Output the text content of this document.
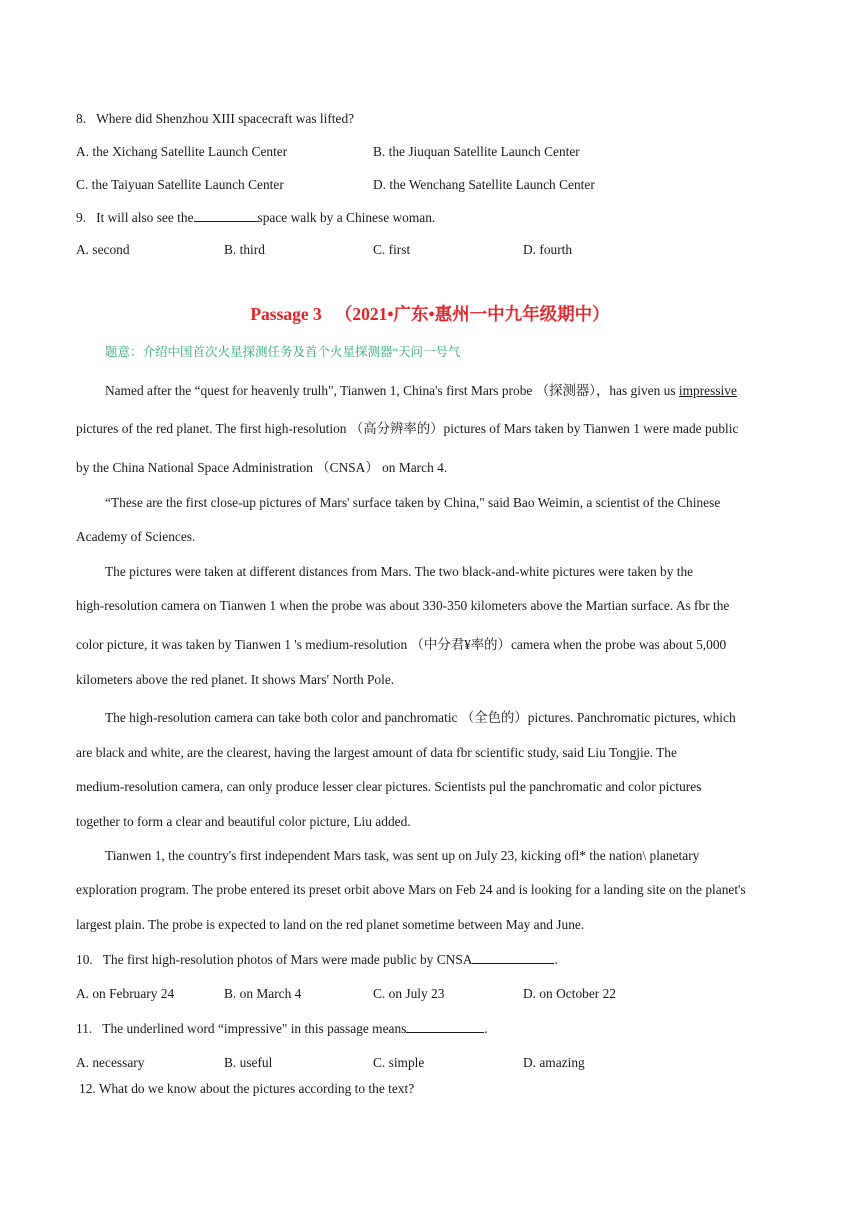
8.   Where did Shenzhou XIII spacecraft was lifted?
A. the Xichang Satellite Launch Center	B. the Jiuquan Satellite Launch Center
C. the Taiyuan Satellite Launch Center	D. the Wenchang Satellite Launch Center
9.   It will also see the	space walk by a Chinese woman.
A. second	B. third	C. first	D. fourth
Passage 3   （2021•广东•惠州一中九年级期中）
题意：介绍中国首次火星探测任务及首个火星探测器“天问一号气
Named after the “quest for heavenly trulh", Tianwen 1, China's first Mars probe （探测器），has given us impressive
pictures of the red planet. The first high-resolution （高分辨率的）pictures of Mars taken by Tianwen 1 were made public
by the China National Space Administration （CNSA） on March 4.
“These are the first close-up pictures of Mars' surface taken by China," said Bao Weimin, a scientist of the Chinese
Academy of Sciences.
The pictures were taken at different distances from Mars. The two black-and-white pictures were taken by the
high-resolution camera on Tianwen 1 when the probe was about 330-350 kilometers above the Martian surface. As fbr the
color picture, it was taken by Tianwen 1 's medium-resolution （中分君¥率的）camera when the probe was about 5,000
kilometers above the red planet. It shows Mars' North Pole.
The high-resolution camera can take both color and panchromatic （全色的）pictures. Panchromatic pictures, which
are black and white, are the clearest, having the largest amount of data fbr scientific study, said Liu Tongjie. The
medium-resolution camera, can only produce lesser clear pictures. Scientists pul the panchromatic and color pictures
together to form a clear and beautiful color picture, Liu added.
Tianwen 1, the country's first independent Mars task, was sent up on July 23, kicking ofl* the nation\ planetary
exploration program. The probe entered its preset orbit above Mars on Feb 24 and is looking for a landing site on the planet's
largest plain. The probe is expected to land on the red planet sometime between May and June.
10.   The first high-resolution photos of Mars were made public by CNSA	.
A. on February 24	B. on March 4	C. on July 23	D. on October 22
11.   The underlined word “impressive" in this passage means	.
A. necessary	B. useful	C. simple	D. amazing
12. What do we know about the pictures according to the text?
